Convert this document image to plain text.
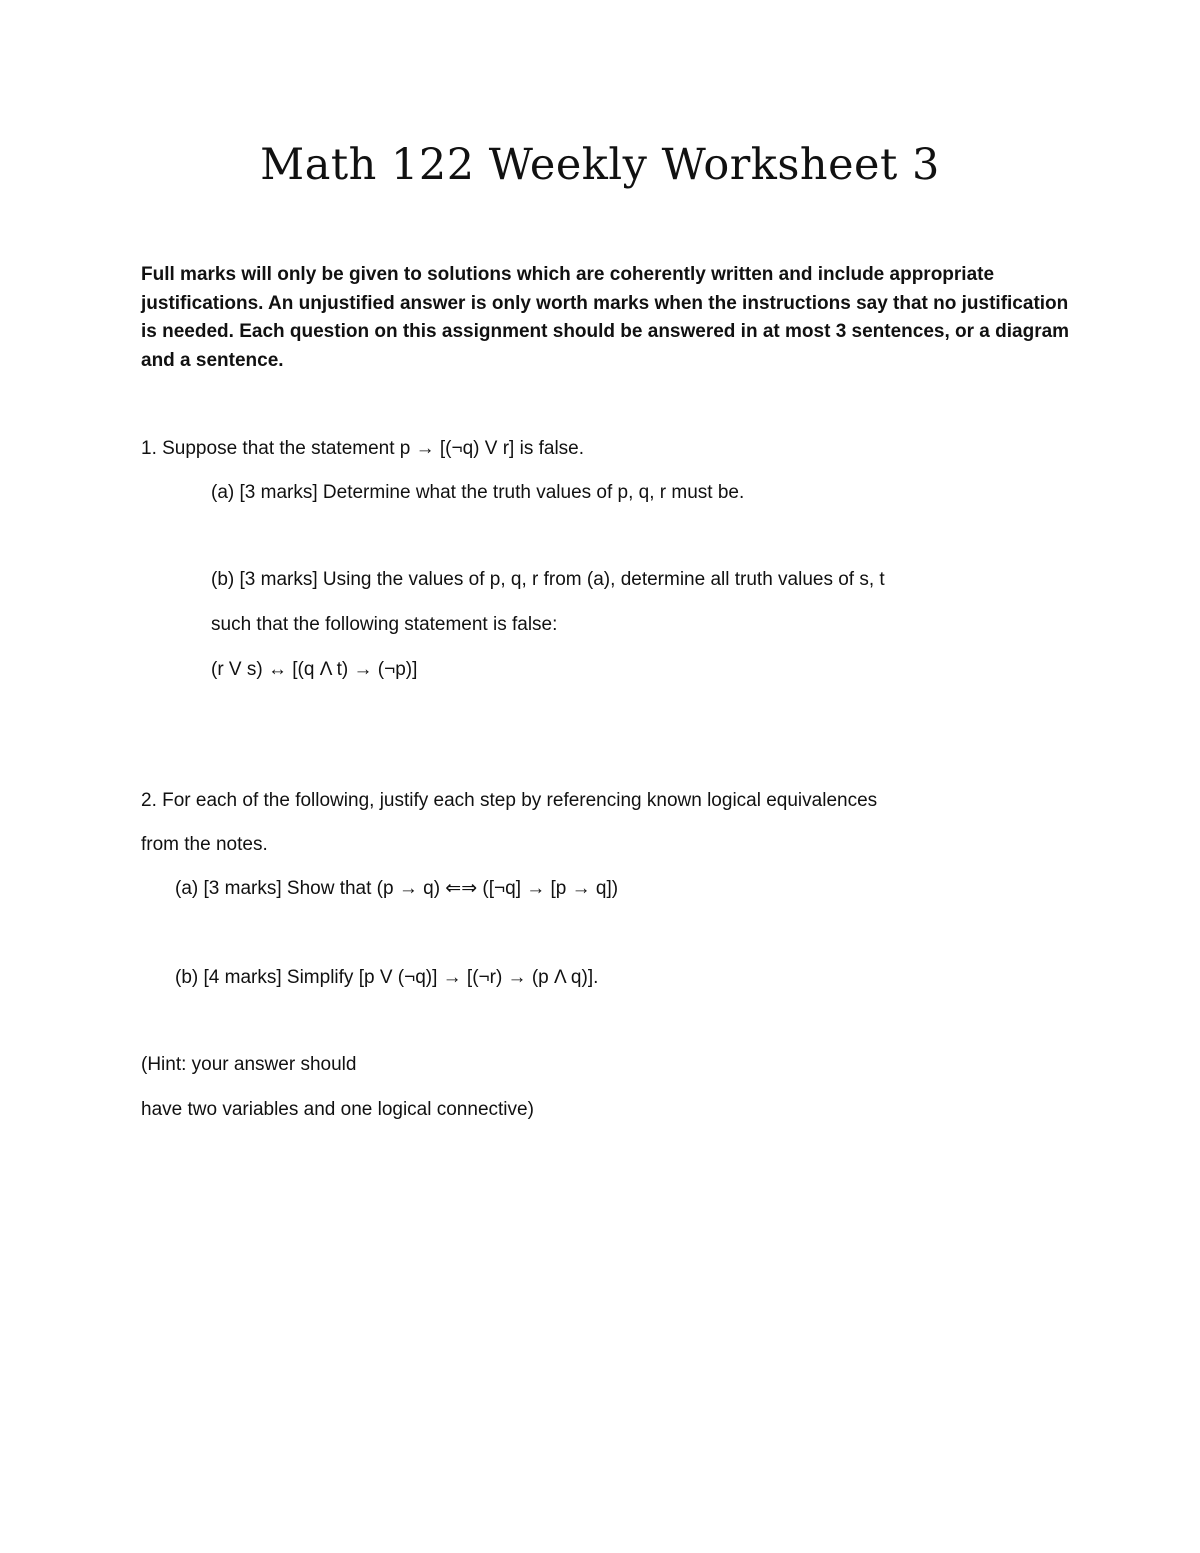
Math 122 Weekly Worksheet 3

Full marks will only be given to solutions which are coherently written and include appropriate justifications. An unjustified answer is only worth marks when the instructions say that no justification is needed. Each question on this assignment should be answered in at most 3 sentences, or a diagram and a sentence.

1. Suppose that the statement p → [(¬q) V r] is false.

(a) [3 marks] Determine what the truth values of p, q, r must be.

(b) [3 marks] Using the values of p, q, r from (a), determine all truth values of s, t

such that the following statement is false:

(r V s) ↔ [(q Λ t) → (¬p)]

2. For each of the following, justify each step by referencing known logical equivalences

from the notes.

(a) [3 marks] Show that (p → q) ⇐⇒ ([¬q] → [p → q])

(b) [4 marks] Simplify [p V (¬q)] → [(¬r) → (p Λ q)].

(Hint: your answer should

have two variables and one logical connective)
